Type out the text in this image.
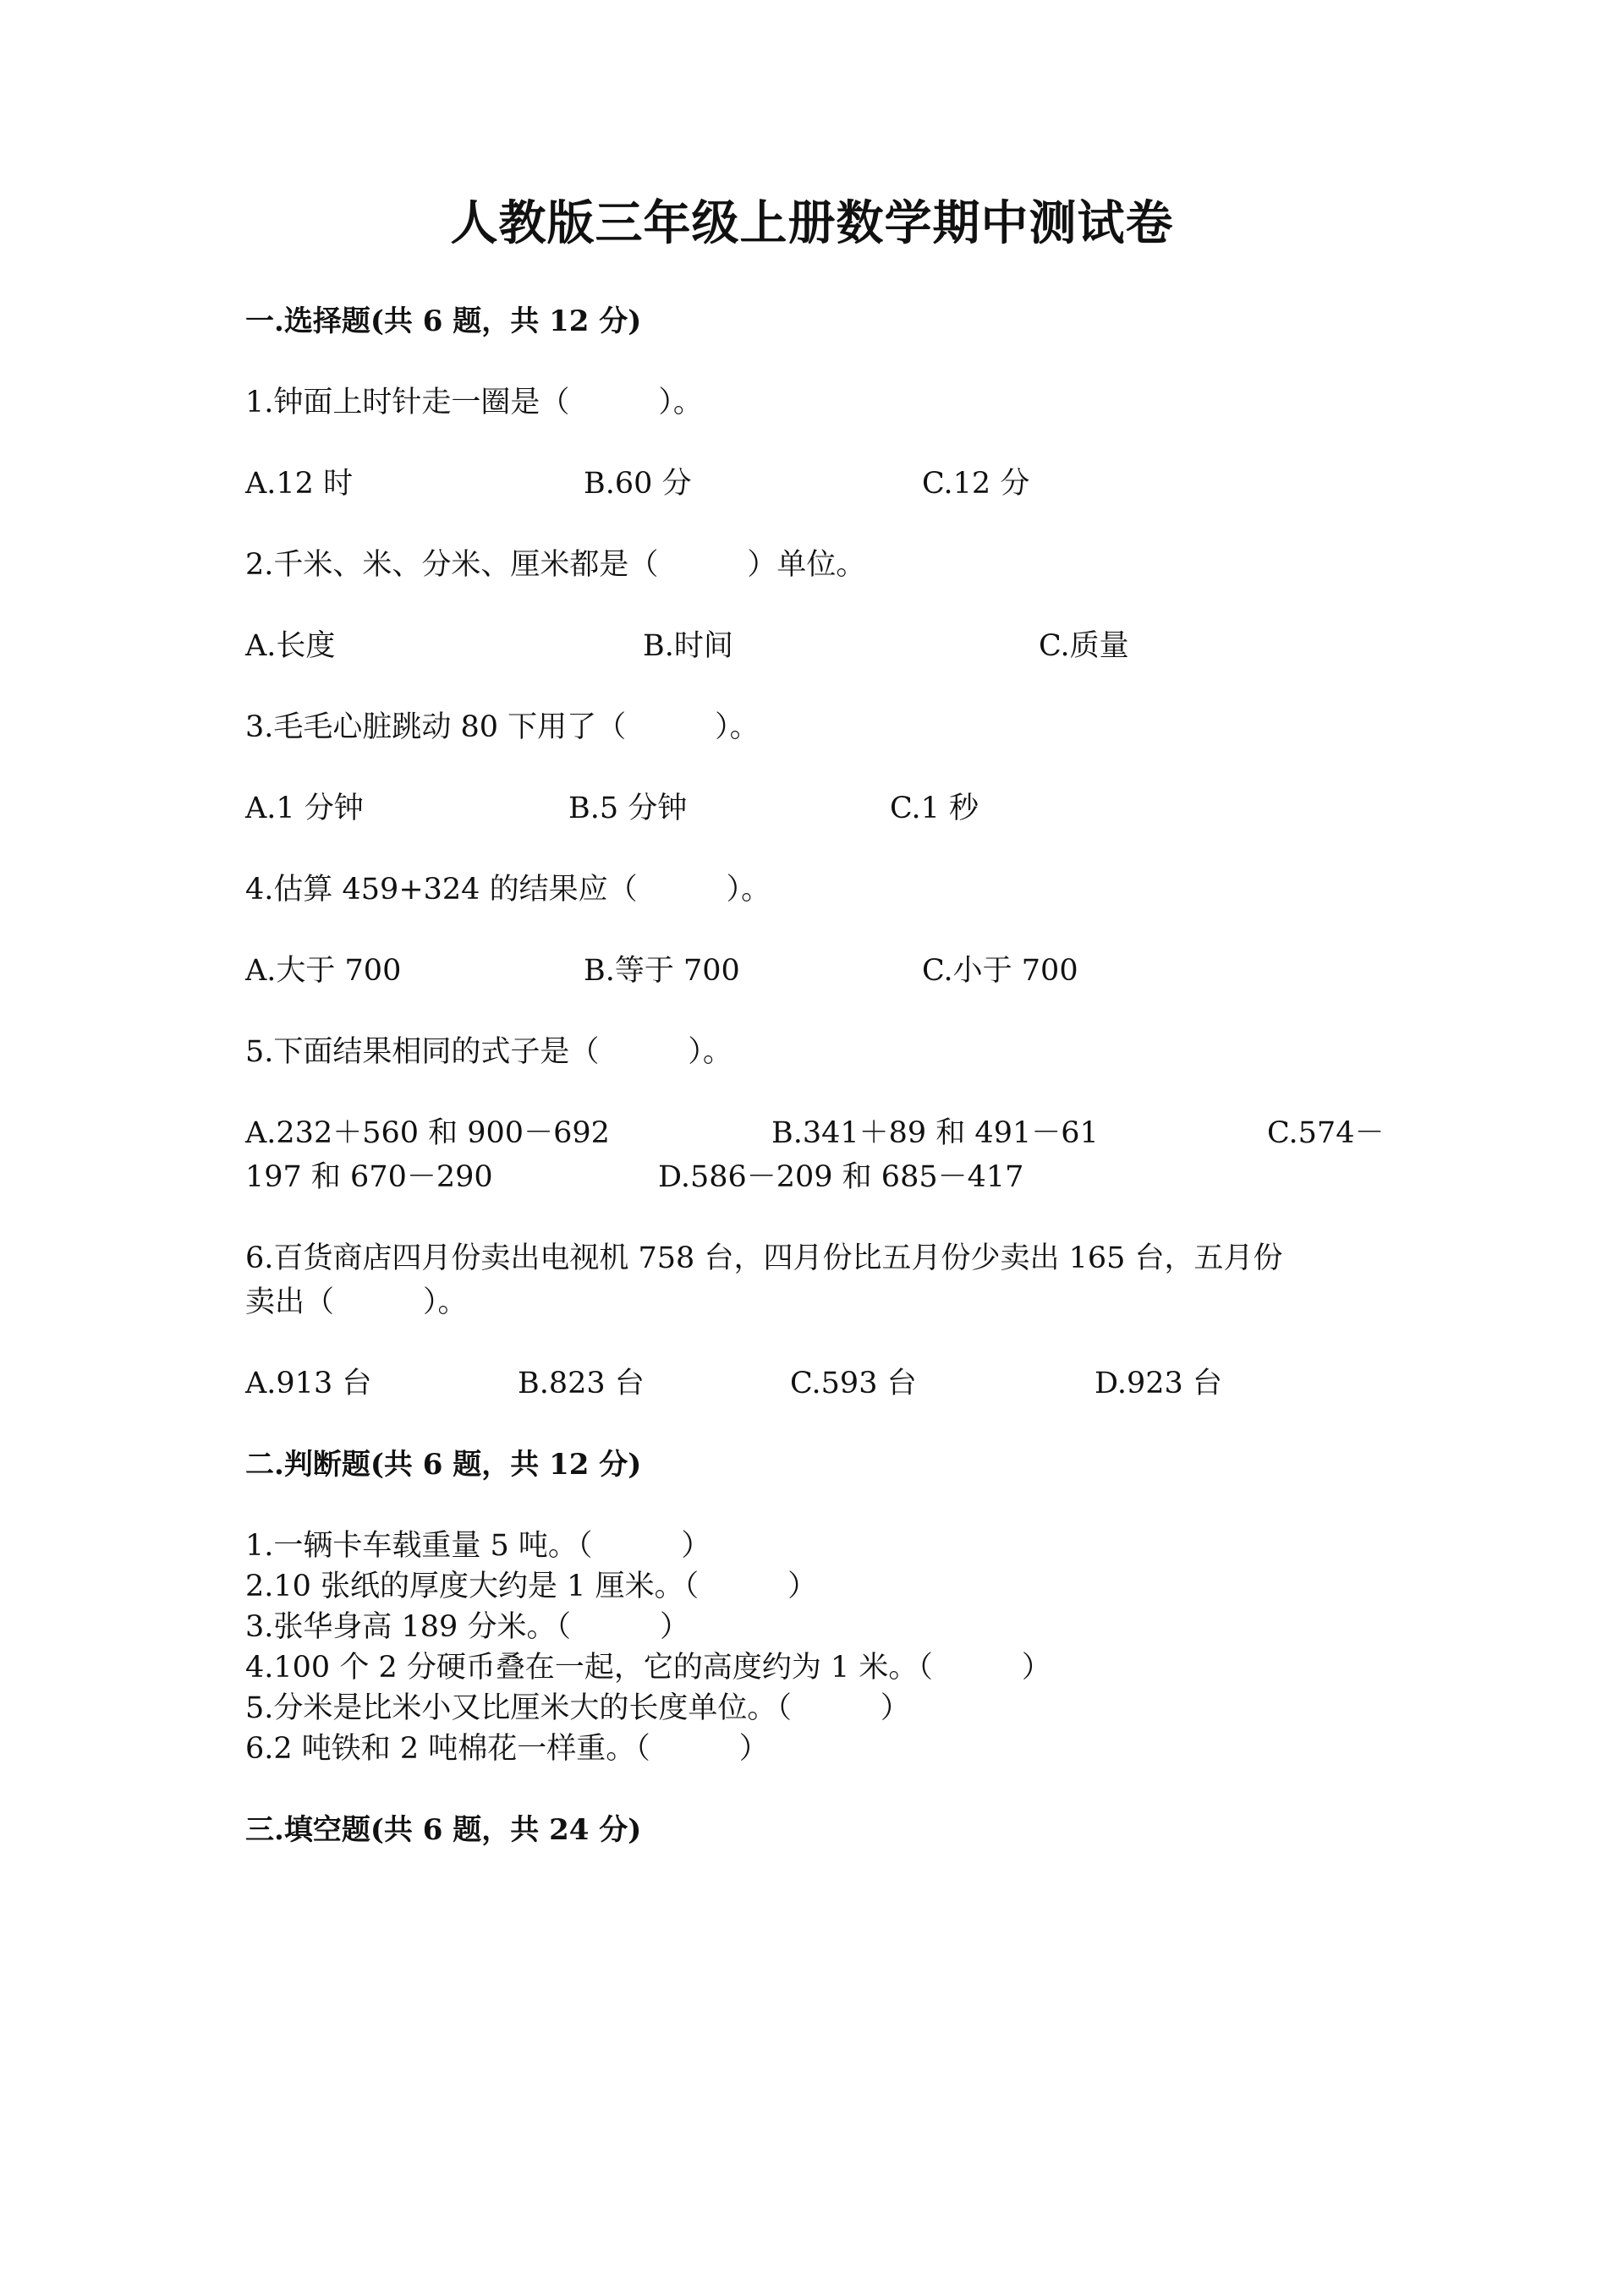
人教版三年级上册数学期中测试卷
一.选择题(共 6 题，共 12 分)
1.钟面上时针走一圈是（　　　）。
A.12 时	B.60 分	C.12 分
2.千米、米、分米、厘米都是（　　　）单位。
A.长度	B.时间	C.质量
3.毛毛心脏跳动 80 下用了（　　　）。
A.1 分钟	B.5 分钟	C.1 秒
4.估算 459+324 的结果应（　　　）。
A.大于 700	B.等于 700	C.小于 700
5.下面结果相同的式子是（　　　）。
A.232＋560 和 900－692	B.341＋89 和 491－61	C.574－
197 和 670－290	D.586－209 和 685－417
6.百货商店四月份卖出电视机 758 台，四月份比五月份少卖出 165 台，五月份
卖出（　　　）。
A.913 台	B.823 台	C.593 台	D.923 台
二.判断题(共 6 题，共 12 分)
1.一辆卡车载重量 5 吨。（　　　）
2.10 张纸的厚度大约是 1 厘米。（　　　）
3.张华身高 189 分米。（　　　）
4.100 个 2 分硬币叠在一起，它的高度约为 1 米。（　　　）
5.分米是比米小又比厘米大的长度单位。（　　　）
6.2 吨铁和 2 吨棉花一样重。（　　　）
三.填空题(共 6 题，共 24 分)
